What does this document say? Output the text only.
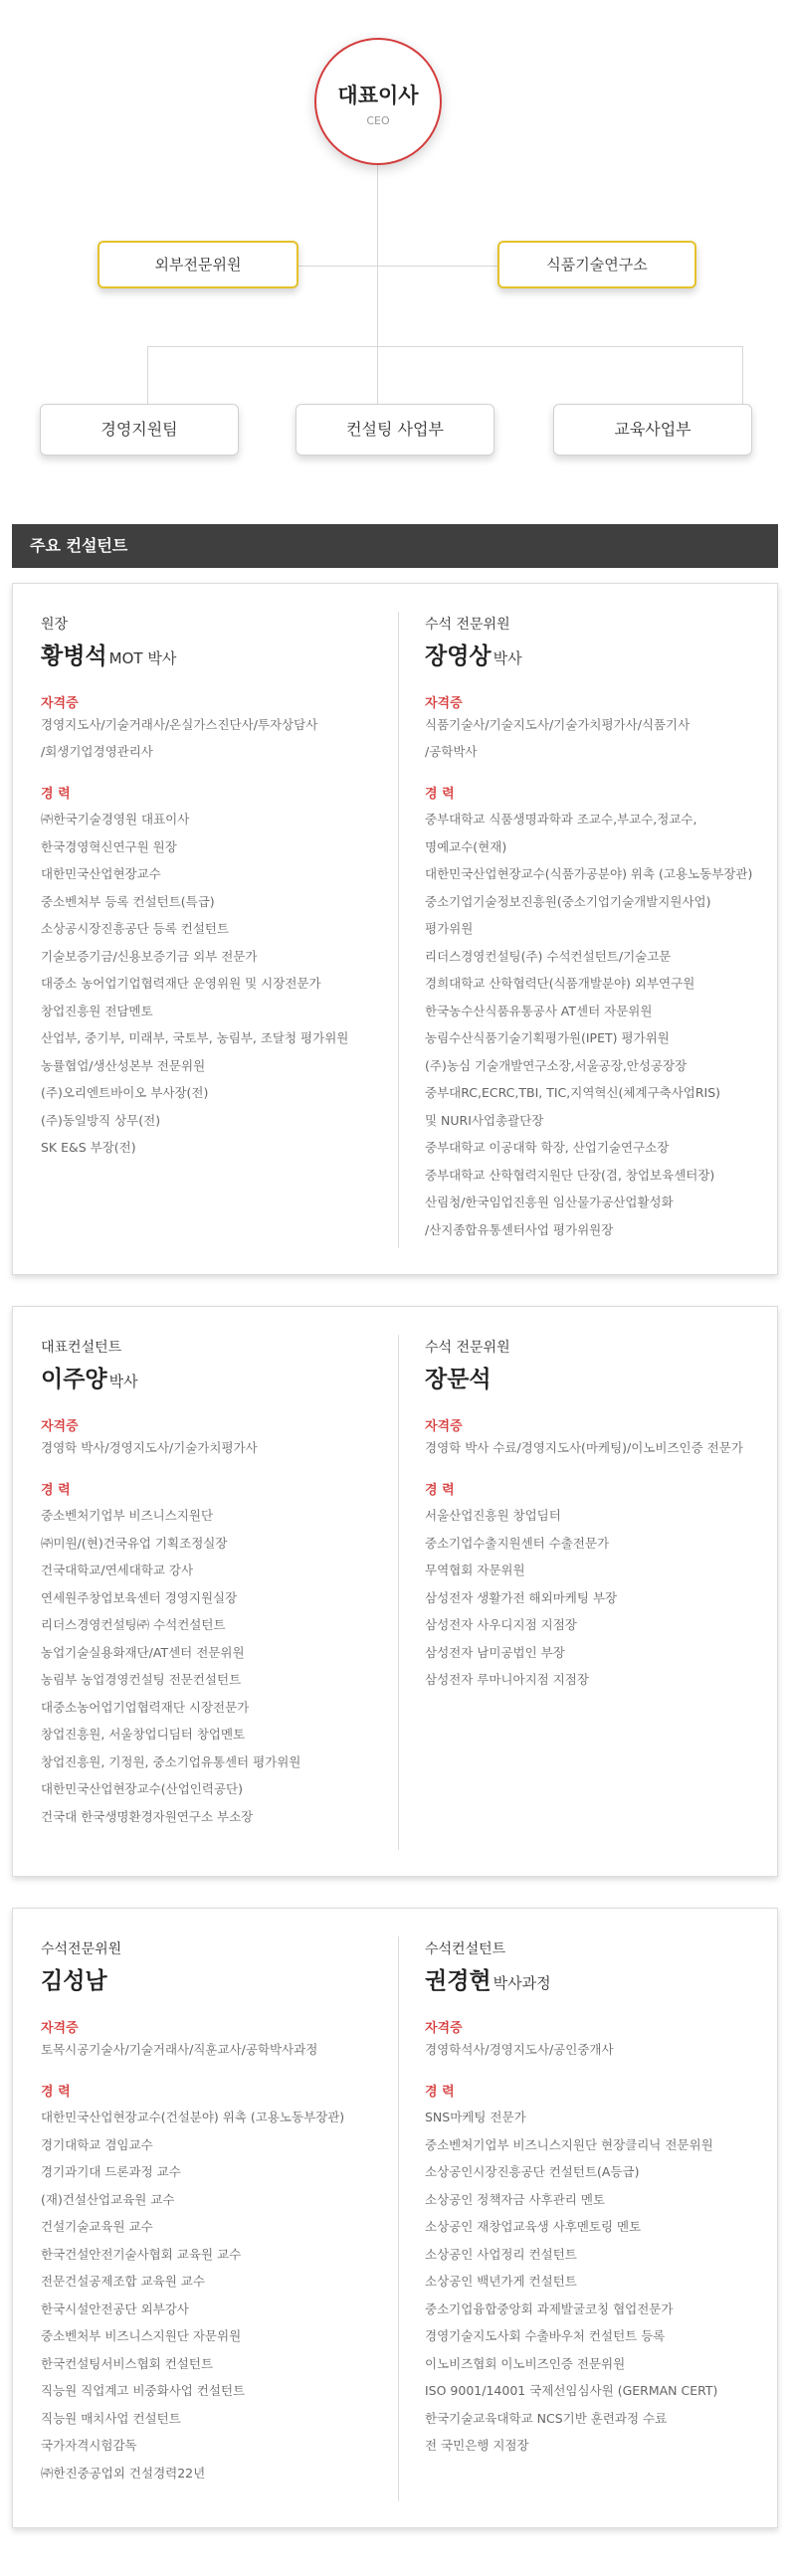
대표이사
CEO
외부전문위원	식품기술연구소
경영지원팀	컨설팅 사업부	교육사업부
주요 컨설턴트
원장
황병석 MOT 박사
자격증
경영지도사/기술거래사/온실가스진단사/투자상담사
/회생기업경영관리사
경 력
㈜한국기술경영원 대표이사
한국경영혁신연구원 원장
대한민국산업현장교수
중소벤처부 등록 컨설턴트(특급)
소상공시장진흥공단 등록 컨설턴트
기술보증기금/신용보증기금 외부 전문가
대중소 농어업기업협력재단 운영위원 및 시장전문가
창업진흥원 전담멘토
산업부, 중기부, 미래부, 국토부, 농림부, 조달청 평가위원
농률협업/생산성본부 전문위원
(주)오리엔트바이오 부사장(전)
(주)동일방직 상무(전)
SK E&S 부장(전)
수석 전문위원
장영상 박사
자격증
식품기술사/기술지도사/기술가치평가사/식품기사
/공학박사
경 력
중부대학교 식품생명과학과 조교수,부교수,정교수,
명예교수(현재)
대한민국산업현장교수(식품가공분야) 위촉 (고용노동부장관)
중소기업기술정보진흥원(중소기업기술개발지원사업)
평가위원
리더스경영컨설팅(주) 수석컨설턴트/기술고문
경희대학교 산학협력단(식품개발분야) 외부연구원
한국농수산식품유통공사 AT센터 자문위원
농림수산식품기술기획평가원(IPET) 평가위원
(주)농심 기술개발연구소장,서울공장,안성공장장
중부대RC,ECRC,TBI, TIC,지역혁신(체계구축사업RIS)
및 NURI사업총괄단장
중부대학교 이공대학 학장, 산업기술연구소장
중부대학교 산학협력지원단 단장(겸, 창업보육센터장)
산림청/한국임업진흥원 임산물가공산업활성화
/산지종합유통센터사업 평가위원장
대표컨설턴트
이주양 박사
자격증
경영학 박사/경영지도사/기술가치평가사
경 력
중소벤처기업부 비즈니스지원단
㈜미원/(현)건국유업 기획조정실장
건국대학교/연세대학교 강사
연세원주창업보육센터 경영지원실장
리더스경영컨설팅㈜ 수석컨설턴트
농업기술실용화재단/AT센터 전문위원
농림부 농업경영컨설팅 전문컨설턴트
대중소농어업기업협력재단 시장전문가
창업진흥원, 서울창업디딤터 창업멘토
창업진흥원, 기정원, 중소기업유통센터 평가위원
대한민국산업현장교수(산업인력공단)
건국대 한국생명환경자원연구소 부소장
수석 전문위원
장문석
자격증
경영학 박사 수료/경영지도사(마케팅)/이노비즈인증 전문가
경 력
서울산업진흥원 창업딤터
중소기업수출지원센터 수출전문가
무역협회 자문위원
삼성전자 생활가전 해외마케팅 부장
삼성전자 사우디지점 지점장
삼성전자 남미공법인 부장
삼성전자 루마니아지점 지점장
수석전문위원
김성남
자격증
토목시공기술사/기술거래사/직훈교사/공학박사과정
경 력
대한민국산업현장교수(건설분야) 위촉 (고용노동부장관)
경기대학교 겸임교수
경기과기대 드론과정 교수
(재)건설산업교육원 교수
건설기술교육원 교수
한국건설안전기술사협회 교육원 교수
전문건설공제조합 교육원 교수
한국시설안전공단 외부강사
중소벤처부 비즈니스지원단 자문위원
한국컨설팅서비스협회 컨설턴트
직능원 직업계고 비중화사업 컨설턴트
직능원 매치사업 컨설턴트
국가자격시험감독
㈜한진중공업외 건설경력22년
수석컨설턴트
권경현 박사과정
자격증
경영학석사/경영지도사/공인중개사
경 력
SNS마케팅 전문가
중소벤처기업부 비즈니스지원단 현장클리닉 전문위원
소상공인시장진흥공단 컨설턴트(A등급)
소상공인 정책자금 사후관리 멘토
소상공인 재창업교육생 사후멘토링 멘토
소상공인 사업정리 컨설턴트
소상공인 백년가게 컨설턴트
중소기업융합중앙회 과제발굴코칭 협업전문가
경영기술지도사회 수출바우처 컨설턴트 등록
이노비즈협회 이노비즈인증 전문위원
ISO 9001/14001 국제선임심사원 (GERMAN CERT)
한국기술교육대학교 NCS기반 훈련과정 수료
전 국민은행 지점장
